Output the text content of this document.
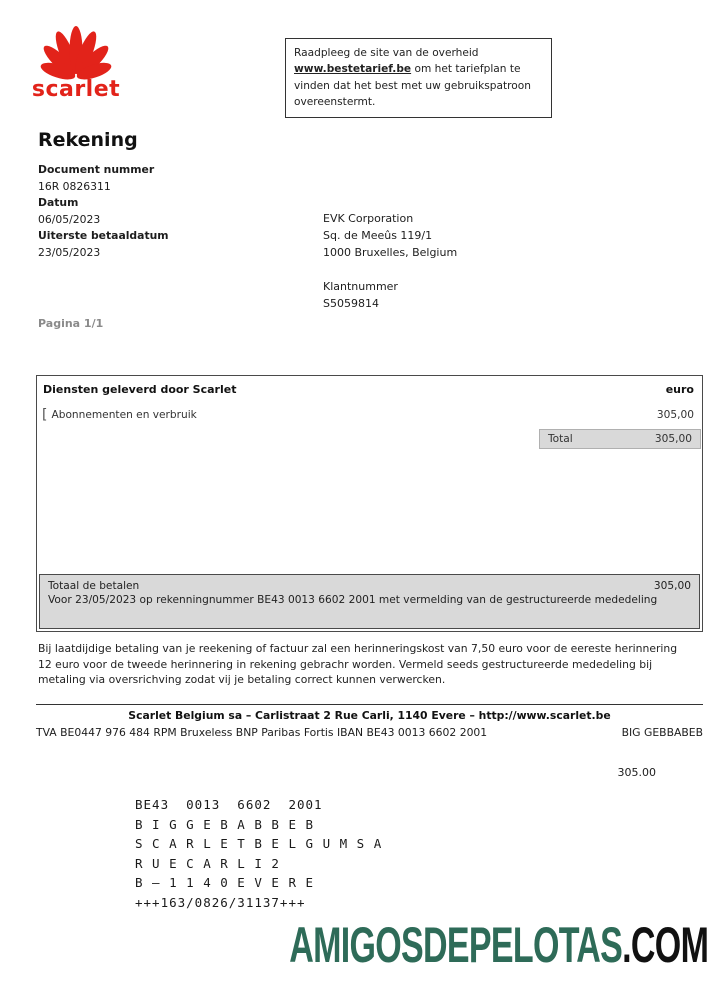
scarlet
Raadpleeg de site van de overheid www.bestetarief.be om het tariefplan te vinden dat het best met uw gebruikspatroon overeenstermt.
Rekening
Document nummer
16R 0826311
Datum
06/05/2023
Uiterste betaaldatum
23/05/2023
EVK Corporation
Sq. de Meeûs 119/1
1000 Bruxelles, Belgium
Klantnummer
S5059814
Pagina 1/1
Diensten geleverd door Scarlet	euro
[ Abonnementen en verbruik	305,00
Total	305,00
Totaal de betalen	305,00
Voor 23/05/2023 op rekenningnummer BE43 0013 6602 2001 met vermelding van de gestructureerde mededeling

Bij laatdijdige betaling van je reekening of factuur zal een herinneringskost van 7,50 euro voor de eereste herinnering 12 euro voor de tweede herinnering in rekening gebrachr worden. Vermeld seeds gestructureerde mededeling bij metaling via oversrichving zodat vij je betaling correct kunnen verwercken.

Scarlet Belgium sa – Carlistraat 2 Rue Carli, 1140 Evere – http://www.scarlet.be
TVA BE0447 976 484 RPM Bruxeless BNP Paribas Fortis IBAN BE43 0013 6602 2001	BIG GEBBABEB
305.00
BE43  0013  6602  2001
B I G G E B A B B E B
S C A R L E T B E L G U M S A
R U E C A R L I 2
B – 1 1 4 0 E V E R E
+++163/0826/31137+++
AMIGOSDEPELOTAS.COM
